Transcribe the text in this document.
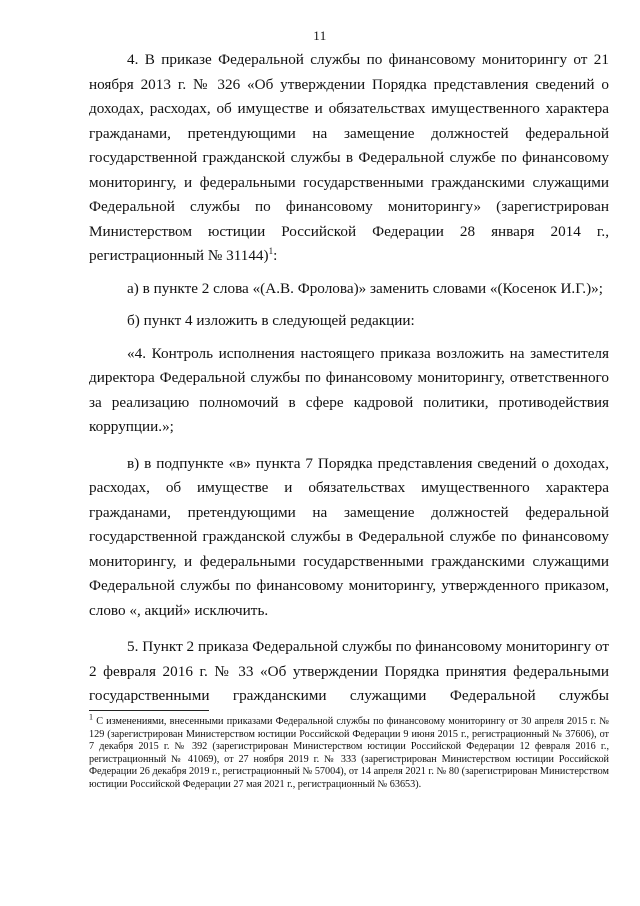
11

4. В приказе Федеральной службы по финансовому мониторингу от 21 ноября 2013 г. № 326 «Об утверждении Порядка представления сведений о доходах, расходах, об имуществе и обязательствах имущественного характера гражданами, претендующими на замещение должностей федеральной государственной гражданской службы в Федеральной службе по финансовому мониторингу, и федеральными государственными гражданскими служащими Федеральной службы по финансовому мониторингу» (зарегистрирован Министерством юстиции Российской Федерации 28 января 2014 г., регистрационный № 31144)$^1$:

а) в пункте 2 слова «(А.В. Фролова)» заменить словами «(Косенок И.Г.)»;

б) пункт 4 изложить в следующей редакции:

«4. Контроль исполнения настоящего приказа возложить на заместителя директора Федеральной службы по финансовому мониторингу, ответственного за реализацию полномочий в сфере кадровой политики, противодействия коррупции.»;

в) в подпункте «в» пункта 7 Порядка представления сведений о доходах, расходах, об имуществе и обязательствах имущественного характера гражданами, претендующими на замещение должностей федеральной государственной гражданской службы в Федеральной службе по финансовому мониторингу, и федеральными государственными гражданскими служащими Федеральной службы по финансовому мониторингу, утвержденного приказом, слово «, акций» исключить.

5. Пункт 2 приказа Федеральной службы по финансовому мониторингу от 2 февраля 2016 г. № 33 «Об утверждении Порядка принятия федеральными государственными гражданскими служащими Федеральной службы

$^1$ С изменениями, внесенными приказами Федеральной службы по финансовому мониторингу от 30 апреля 2015 г. № 129 (зарегистрирован Министерством юстиции Российской Федерации 9 июня 2015 г., регистрационный № 37606), от 7 декабря 2015 г. № 392 (зарегистрирован Министерством юстиции Российской Федерации 12 февраля 2016 г., регистрационный № 41069), от 27 ноября 2019 г. № 333 (зарегистрирован Министерством юстиции Российской Федерации 26 декабря 2019 г., регистрационный № 57004), от 14 апреля 2021 г. № 80 (зарегистрирован Министерством юстиции Российской Федерации 27 мая 2021 г., регистрационный № 63653).
